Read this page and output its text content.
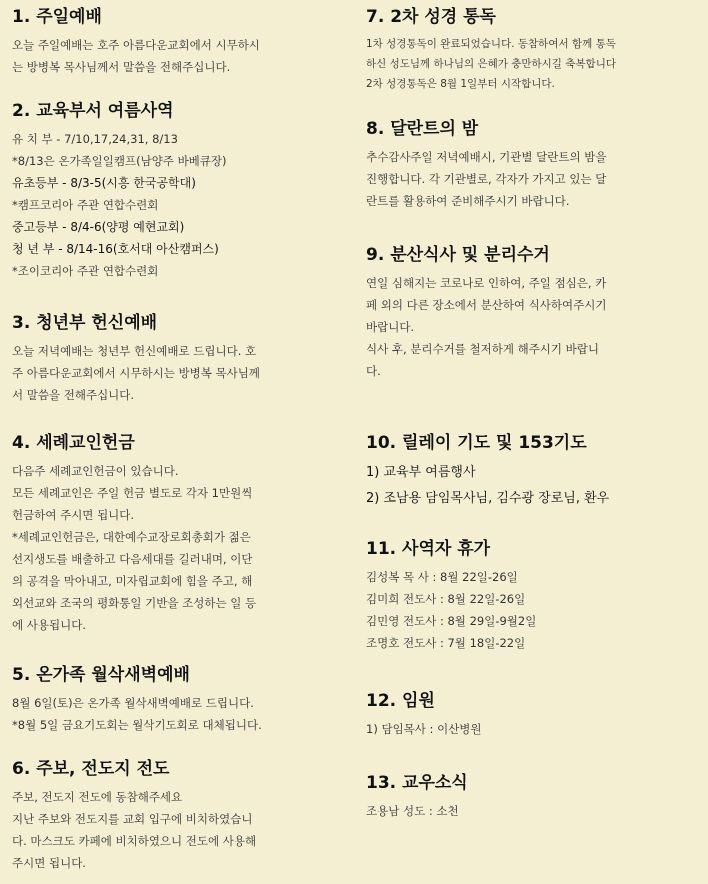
1. 주일예배
오늘 주일예배는 호주 아름다운교회에서 시무하시
는 방병복 목사님께서 말씀을 전해주십니다.
2. 교육부서 여름사역
유 치 부 - 7/10,17,24,31, 8/13
*8/13은 온가족일일캠프(남양주 바베큐장)
유초등부 - 8/3-5(시흥 한국공학대)
*캠프코리아 주관 연합수련회
중고등부 - 8/4-6(양평 예현교회)
청 년 부 - 8/14-16(호서대 아산캠퍼스)
*조이코리아 주관 연합수련회
3. 청년부 헌신예배
오늘 저녁예배는 청년부 헌신예배로 드립니다. 호
주 아름다운교회에서 시무하시는 방병복 목사님께
서 말씀을 전해주십니다.
4. 세례교인헌금
다음주 세례교인헌금이 있습니다.
모든 세례교인은 주일 헌금 별도로 각자 1만원씩
헌금하여 주시면 됩니다.
*세례교인헌금은, 대한예수교장로회총회가 젊은
선지생도를 배출하고 다음세대를 길러내며, 이단
의 공격을 막아내고, 미자립교회에 힘을 주고, 해
외선교와 조국의 평화통일 기반을 조성하는 일 등
에 사용됩니다.
5. 온가족 월삭새벽예배
8월 6일(토)은 온가족 월삭새벽예배로 드립니다.
*8월 5일 금요기도회는 월삭기도회로 대체됩니다.
6. 주보, 전도지 전도
주보, 전도지 전도에 동참해주세요
지난 주보와 전도지를 교회 입구에 비치하였습니
다. 마스크도 카페에 비치하였으니 전도에 사용해
주시면 됩니다.
7. 2차 성경 통독
1차 성경통독이 완료되었습니다. 동참하여서 함께 통독
하신 성도님께 하나님의 은혜가 충만하시길 축복합니다
2차 성경통독은 8월 1일부터 시작합니다.
8. 달란트의 밤
추수감사주일 저녁예배시, 기관별 달란트의 밤을
진행합니다. 각 기관별로, 각자가 가지고 있는 달
란트를 활용하여 준비해주시기 바랍니다.
9. 분산식사 및 분리수거
연일 심해지는 코로나로 인하여, 주일 점심은, 카
페 외의 다른 장소에서 분산하여 식사하여주시기
바랍니다.
식사 후, 분리수거를 철저하게 해주시기 바랍니
다.
10. 릴레이 기도 및 153기도
1) 교육부 여름행사
2) 조남용 담임목사님, 김수광 장로님, 환우
11. 사역자 휴가
김성복 목 사 : 8월 22일-26일
김미희 전도사 : 8월 22일-26일
김민영 전도사 : 8월 29일-9월2일
조명호 전도사 : 7월 18일-22일
12. 임원
1) 담임목사 : 이산병원
13. 교우소식
조용남 성도 : 소천
